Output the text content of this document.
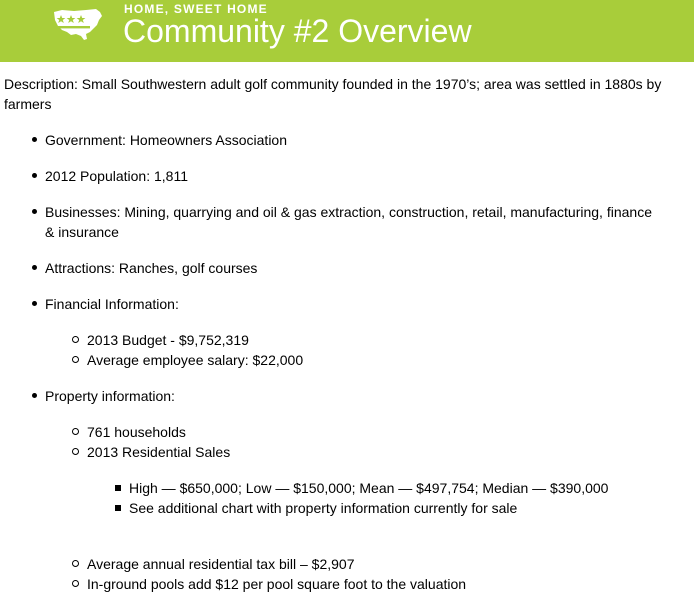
HOME, SWEET HOME
Community #2 Overview

Description: Small Southwestern adult golf community founded in the 1970’s; area was settled in 1880s by farmers

Government: Homeowners Association
2012 Population: 1,811
Businesses: Mining, quarrying and oil & gas extraction, construction, retail, manufacturing, finance & insurance
Attractions: Ranches, golf courses
Financial Information:
2013 Budget - $9,752,319
Average employee salary: $22,000
Property information:
761 households
2013 Residential Sales
High — $650,000; Low — $150,000; Mean — $497,754; Median — $390,000
See additional chart with property information currently for sale
Average annual residential tax bill – $2,907
In-ground pools add $12 per pool square foot to the valuation
